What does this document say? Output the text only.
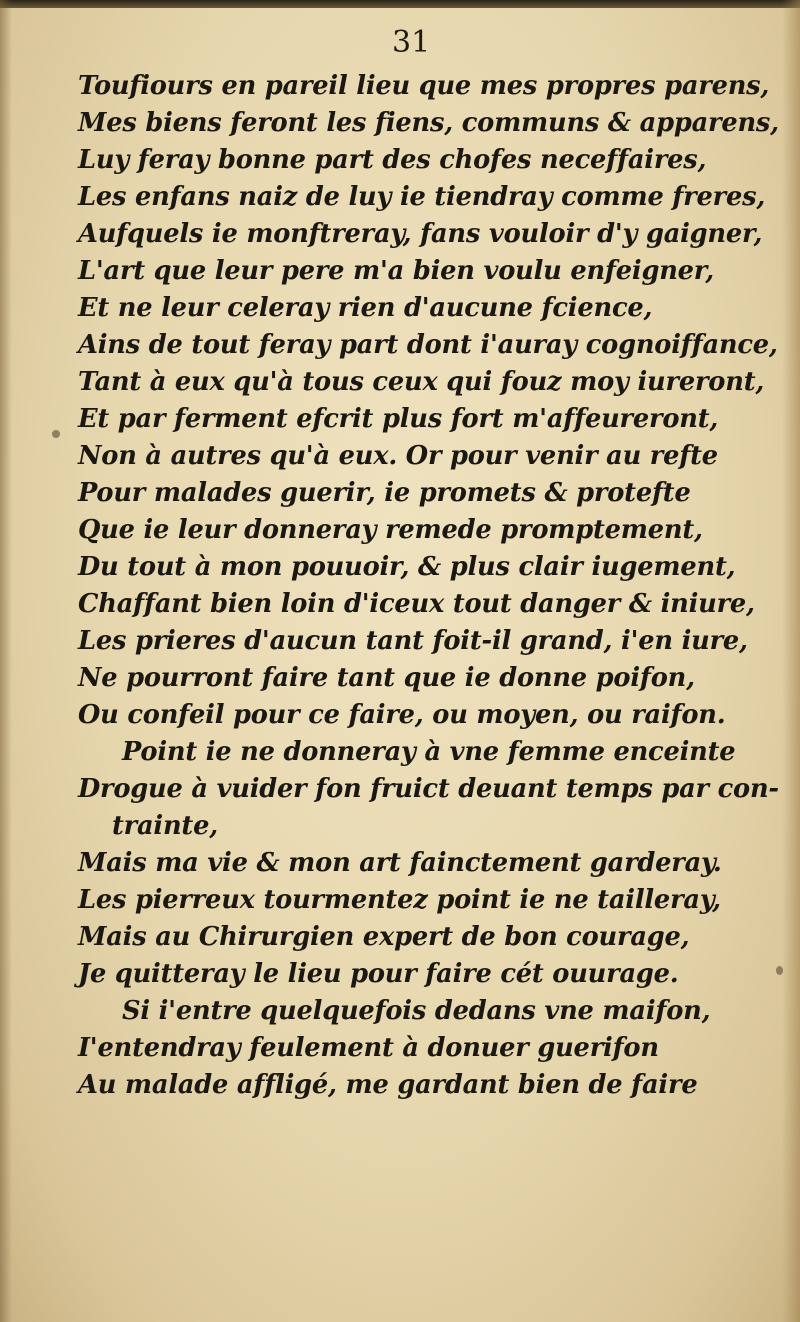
31

Toufiours en pareil lieu que mes propres parens,
Mes biens feront les fiens, communs & apparens,
Luy feray bonne part des chofes neceffaires,
Les enfans naiz de luy ie tiendray comme freres,
Aufquels ie monftreray, fans vouloir d'y gaigner,
L'art que leur pere m'a bien voulu enfeigner,
Et ne leur celeray rien d'aucune fcience,
Ains de tout feray part dont i'auray cognoiffance,
Tant à eux qu'à tous ceux qui fouz moy iureront,
Et par ferment efcrit plus fort m'affeureront,
Non à autres qu'à eux. Or pour venir au refte
Pour malades guerir, ie promets & protefte
Que ie leur donneray remede promptement,
Du tout à mon pouuoir, & plus clair iugement,
Chaffant bien loin d'iceux tout danger & iniure,
Les prieres d'aucun tant foit-il grand, i'en iure,
Ne pourront faire tant que ie donne poifon,
Ou confeil pour ce faire, ou moyen, ou raifon.
Point ie ne donneray à vne femme enceinte
Drogue à vuider fon fruict deuant temps par con-
trainte,
Mais ma vie & mon art fainctement garderay.
Les pierreux tourmentez point ie ne tailleray,
Mais au Chirurgien expert de bon courage,
Je quitteray le lieu pour faire cét ouurage.
Si i'entre quelquefois dedans vne maifon,
I'entendray feulement à donuer guerifon
Au malade affligé, me gardant bien de faire
